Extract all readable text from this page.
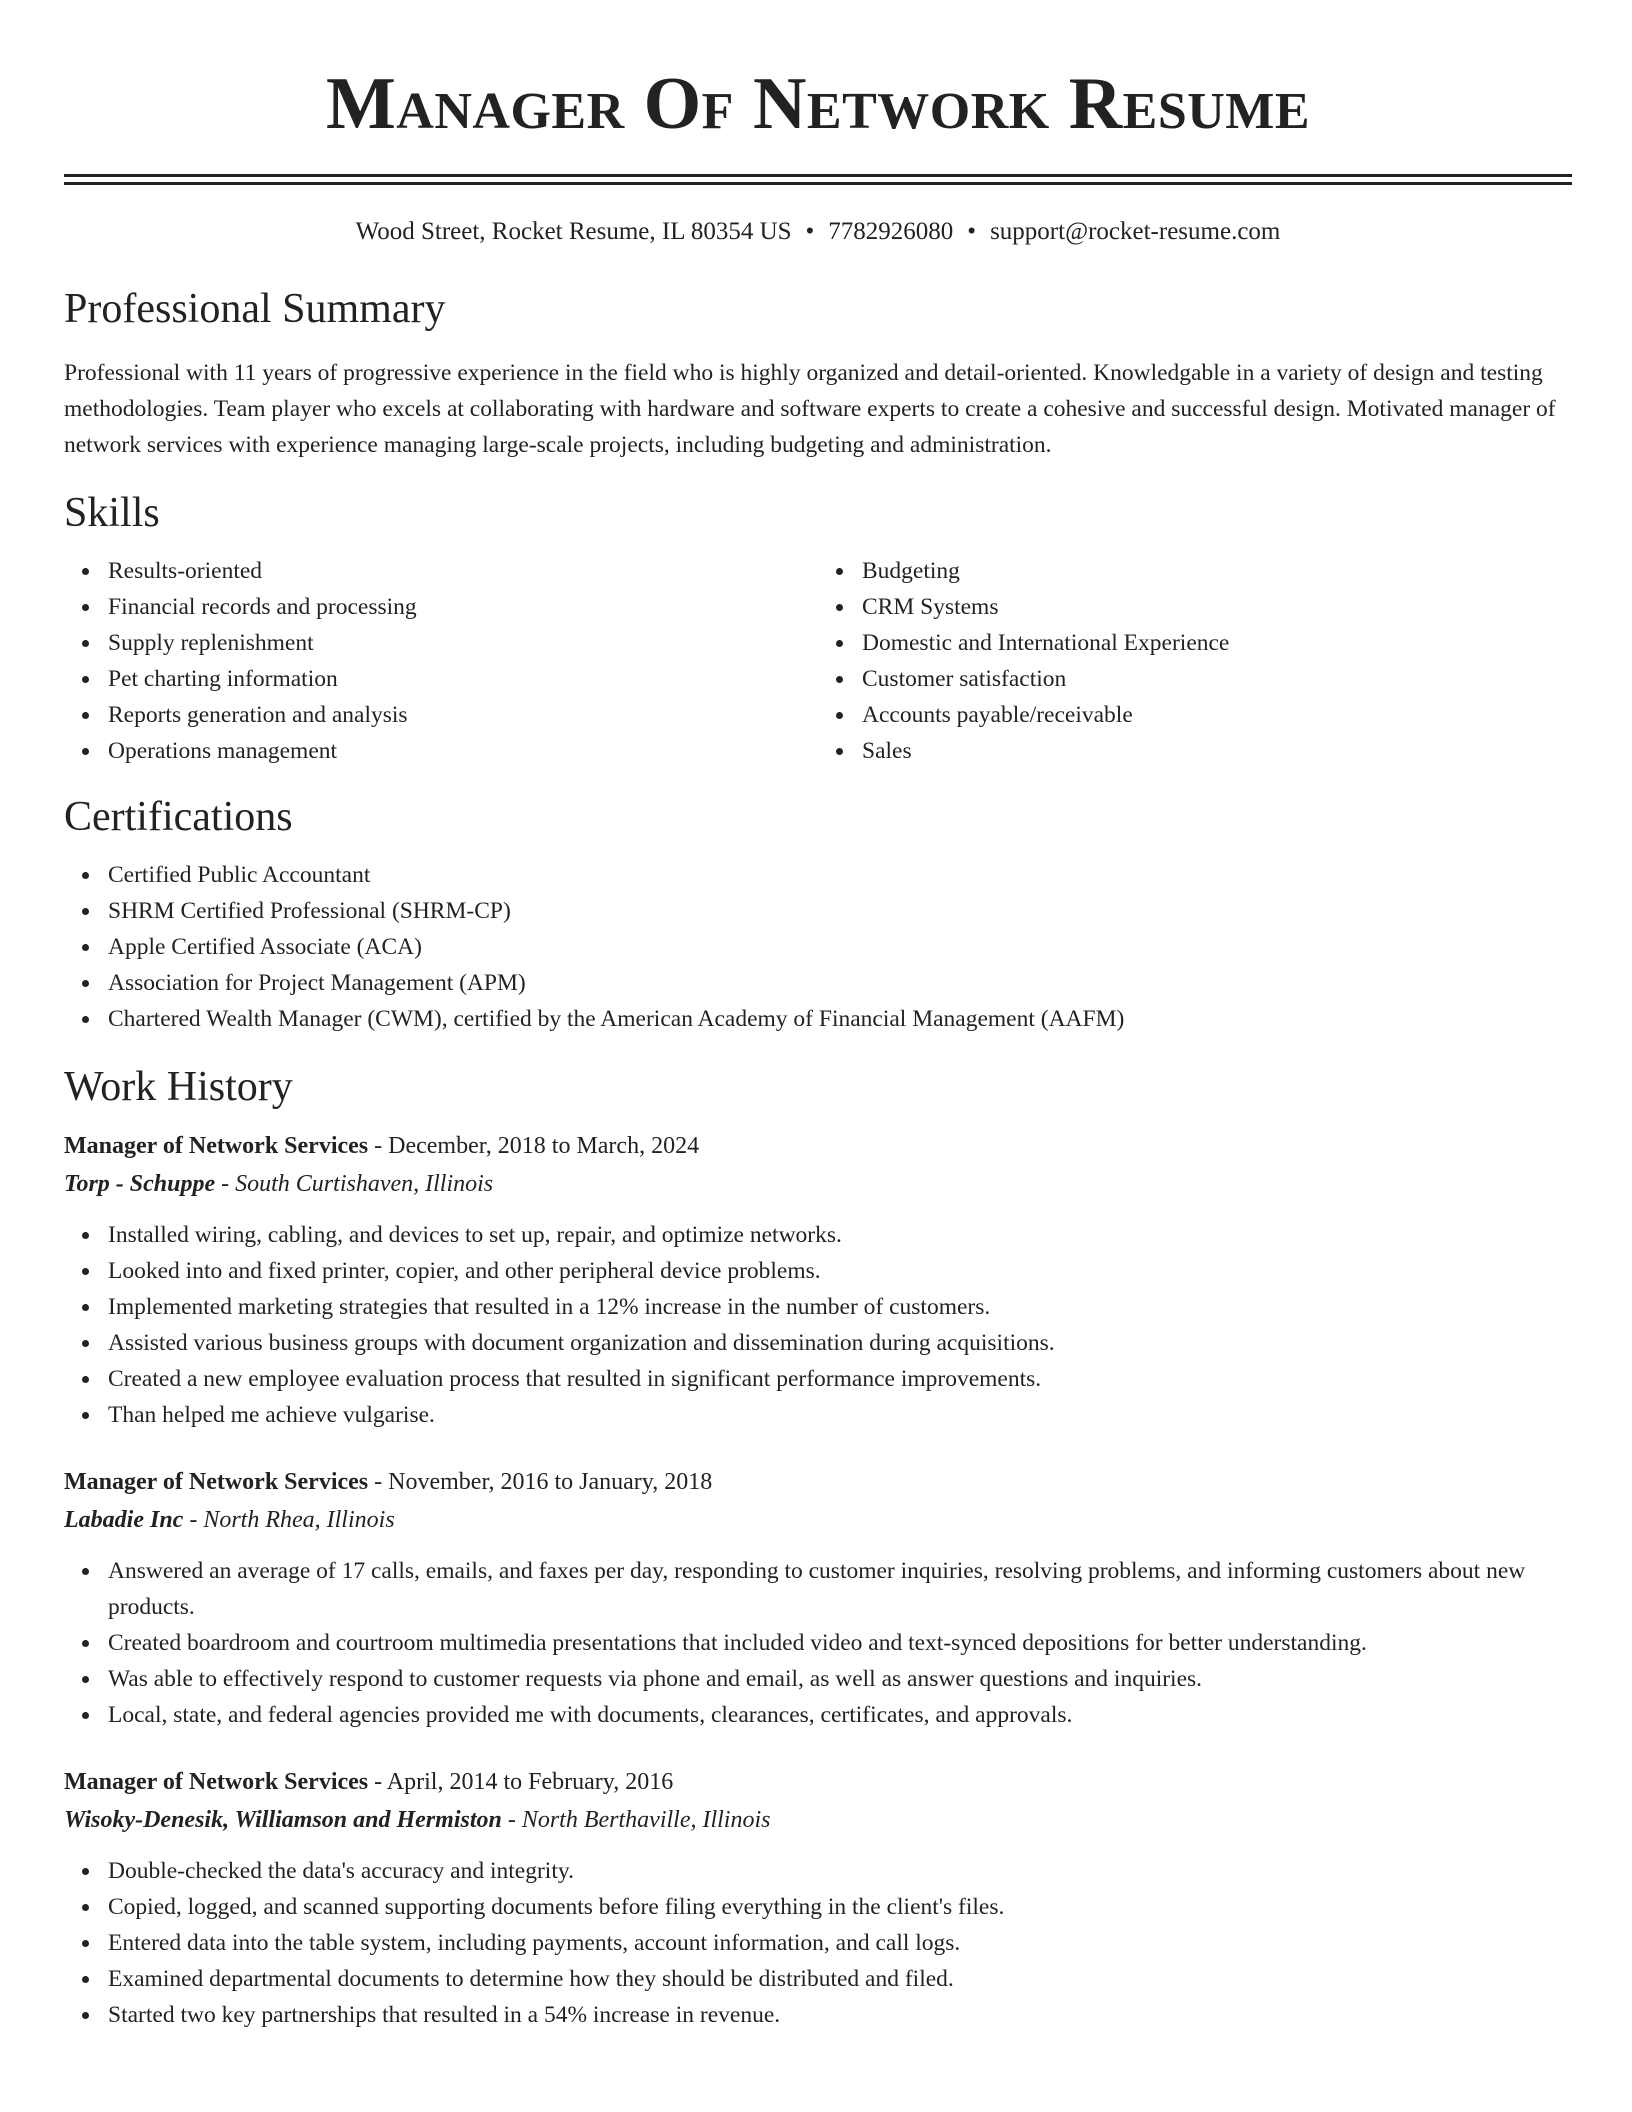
Manager Of Network Resume
Wood Street, Rocket Resume, IL 80354 US • 7782926080 • support@rocket-resume.com
Professional Summary

Professional with 11 years of progressive experience in the field who is highly organized and detail-oriented. Knowledgable in a variety of design and testing methodologies. Team player who excels at collaborating with hardware and software experts to create a cohesive and successful design. Motivated manager of network services with experience managing large-scale projects, including budgeting and administration.

Skills
Results-oriented
Financial records and processing
Supply replenishment
Pet charting information
Reports generation and analysis
Operations management
Budgeting
CRM Systems
Domestic and International Experience
Customer satisfaction
Accounts payable/receivable
Sales
Certifications
Certified Public Accountant
SHRM Certified Professional (SHRM-CP)
Apple Certified Associate (ACA)
Association for Project Management (APM)
Chartered Wealth Manager (CWM), certified by the American Academy of Financial Management (AAFM)
Work History
Manager of Network Services - December, 2018 to March, 2024
Torp - Schuppe - South Curtishaven, Illinois
Installed wiring, cabling, and devices to set up, repair, and optimize networks.
Looked into and fixed printer, copier, and other peripheral device problems.
Implemented marketing strategies that resulted in a 12% increase in the number of customers.
Assisted various business groups with document organization and dissemination during acquisitions.
Created a new employee evaluation process that resulted in significant performance improvements.
Than helped me achieve vulgarise.
Manager of Network Services - November, 2016 to January, 2018
Labadie Inc - North Rhea, Illinois
Answered an average of 17 calls, emails, and faxes per day, responding to customer inquiries, resolving problems, and informing customers about new products.
Created boardroom and courtroom multimedia presentations that included video and text-synced depositions for better understanding.
Was able to effectively respond to customer requests via phone and email, as well as answer questions and inquiries.
Local, state, and federal agencies provided me with documents, clearances, certificates, and approvals.
Manager of Network Services - April, 2014 to February, 2016
Wisoky-Denesik, Williamson and Hermiston - North Berthaville, Illinois
Double-checked the data's accuracy and integrity.
Copied, logged, and scanned supporting documents before filing everything in the client's files.
Entered data into the table system, including payments, account information, and call logs.
Examined departmental documents to determine how they should be distributed and filed.
Started two key partnerships that resulted in a 54% increase in revenue.
